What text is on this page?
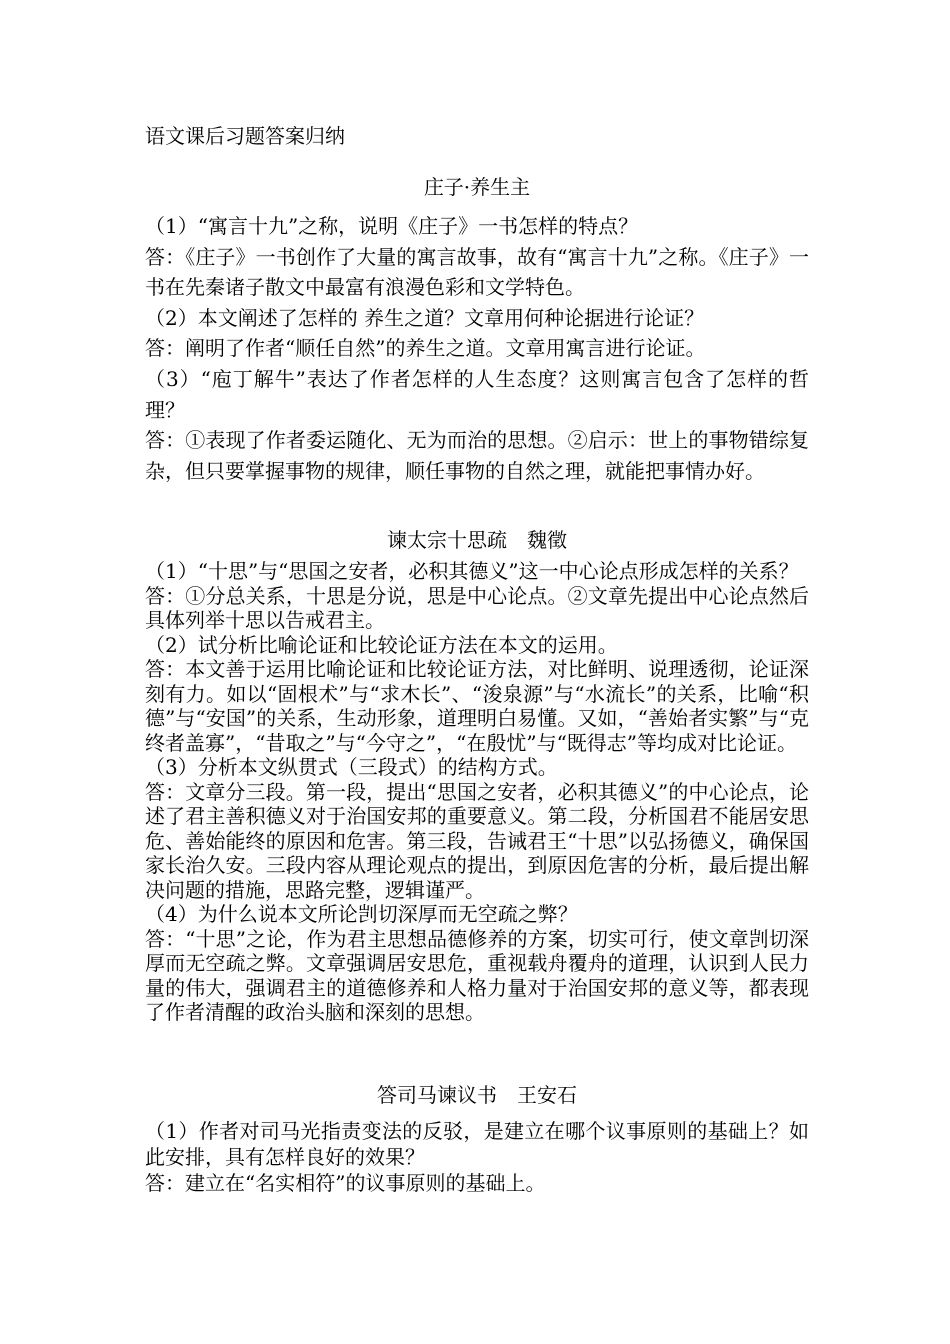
语文课后习题答案归纳
庄子·养生主

（1）“寓言十九”之称，说明《庄子》一书怎样的特点？

答：《庄子》一书创作了大量的寓言故事，故有“寓言十九”之称。《庄子》一书在先秦诸子散文中最富有浪漫色彩和文学特色。

（2）本文阐述了怎样的 养生之道？文章用何种论据进行论证？

答：阐明了作者“顺任自然”的养生之道。文章用寓言进行论证。

（3）“庖丁解牛”表达了作者怎样的人生态度？这则寓言包含了怎样的哲理？

答：①表现了作者委运随化、无为而治的思想。②启示：世上的事物错综复杂，但只要掌握事物的规律，顺任事物的自然之理，就能把事情办好。

谏太宗十思疏　魏徵

（1）“十思”与“思国之安者，必积其德义”这一中心论点形成怎样的关系？

答：①分总关系，十思是分说，思是中心论点。②文章先提出中心论点然后具体列举十思以告戒君主。

（2）试分析比喻论证和比较论证方法在本文的运用。

答：本文善于运用比喻论证和比较论证方法，对比鲜明、说理透彻，论证深刻有力。如以“固根术”与“求木长”、“浚泉源”与“水流长”的关系，比喻“积德”与“安国”的关系，生动形象，道理明白易懂。又如，“善始者实繁”与“克终者盖寡”，“昔取之”与“今守之”，“在殷忧”与“既得志”等均成对比论证。

（3）分析本文纵贯式（三段式）的结构方式。

答：文章分三段。第一段，提出“思国之安者，必积其德义”的中心论点，论述了君主善积德义对于治国安邦的重要意义。第二段，分析国君不能居安思危、善始能终的原因和危害。第三段，告诫君王“十思”以弘扬德义，确保国家长治久安。三段内容从理论观点的提出，到原因危害的分析，最后提出解决问题的措施，思路完整，逻辑谨严。

（4）为什么说本文所论剀切深厚而无空疏之弊？

答：“十思”之论，作为君主思想品德修养的方案，切实可行，使文章剀切深厚而无空疏之弊。文章强调居安思危，重视载舟覆舟的道理，认识到人民力量的伟大，强调君主的道德修养和人格力量对于治国安邦的意义等，都表现了作者清醒的政治头脑和深刻的思想。

答司马谏议书　王安石

（1）作者对司马光指责变法的反驳，是建立在哪个议事原则的基础上？如此安排，具有怎样良好的效果？

答：建立在“名实相符”的议事原则的基础上。
